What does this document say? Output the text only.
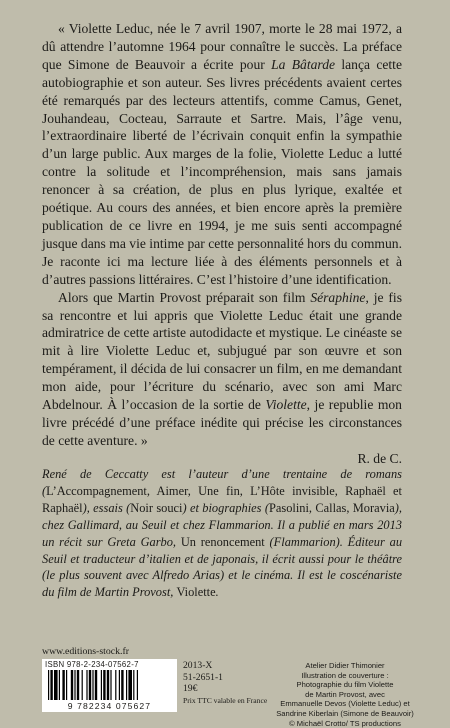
« Violette Leduc, née le 7 avril 1907, morte le 28 mai 1972, a dû attendre l’automne 1964 pour connaître le succès. La préface que Simone de Beauvoir a écrite pour La Bâtarde lança cette autobiographie et son auteur. Ses livres précédents avaient certes été remarqués par des lecteurs attentifs, comme Camus, Genet, Jouhandeau, Cocteau, Sarraute et Sartre. Mais, l’âge venu, l’extraordinaire liberté de l’écrivain conquit enfin la sympathie d’un large public. Aux marges de la folie, Violette Leduc a lutté contre la solitude et l’incompréhension, mais sans jamais renoncer à sa création, de plus en plus lyrique, exaltée et poétique. Au cours des années, et bien encore après la première publication de ce livre en 1994, je me suis senti accompagné jusque dans ma vie intime par cette personnalité hors du commun. Je raconte ici ma lecture liée à des éléments personnels et à d’autres passions littéraires. C’est l’histoire d’une identification.

Alors que Martin Provost préparait son film Séraphine, je fis sa rencontre et lui appris que Violette Leduc était une grande admiratrice de cette artiste autodidacte et mystique. Le cinéaste se mit à lire Violette Leduc et, subjugué par son œuvre et son tempérament, il décida de lui consacrer un film, en me demandant mon aide, pour l’écriture du scénario, avec son ami Marc Abdelnour. À l’occasion de la sortie de Violette, je republie mon livre précédé d’une préface inédite qui précise les circonstances de cette aventure. »

R. de C.
René de Ceccatty est l’auteur d’une trentaine de romans (L’Accompagnement, Aimer, Une fin, L’Hôte invisible, Raphaël et Raphaël), essais (Noir souci) et biographies (Pasolini, Callas, Moravia), chez Gallimard, au Seuil et chez Flammarion. Il a publié en mars 2013 un récit sur Greta Garbo, Un renoncement (Flammarion). Éditeur au Seuil et traducteur d’italien et de japonais, il écrit aussi pour le théâtre (le plus souvent avec Alfredo Arias) et le cinéma. Il est le coscénariste du film de Martin Provost, Violette.
www.editions-stock.fr
ISBN 978-2-234-07562-7
9 782234 075627
2013-X
51-2651-1
19€
Prix TTC valable en France
Atelier Didier Thimonier
Illustration de couverture :
Photographie du film Violette
de Martin Provost, avec
Emmanuelle Devos (Violette Leduc) et
Sandrine Kiberlain (Simone de Beauvoir)
© Michaël Crotto/ TS productions
